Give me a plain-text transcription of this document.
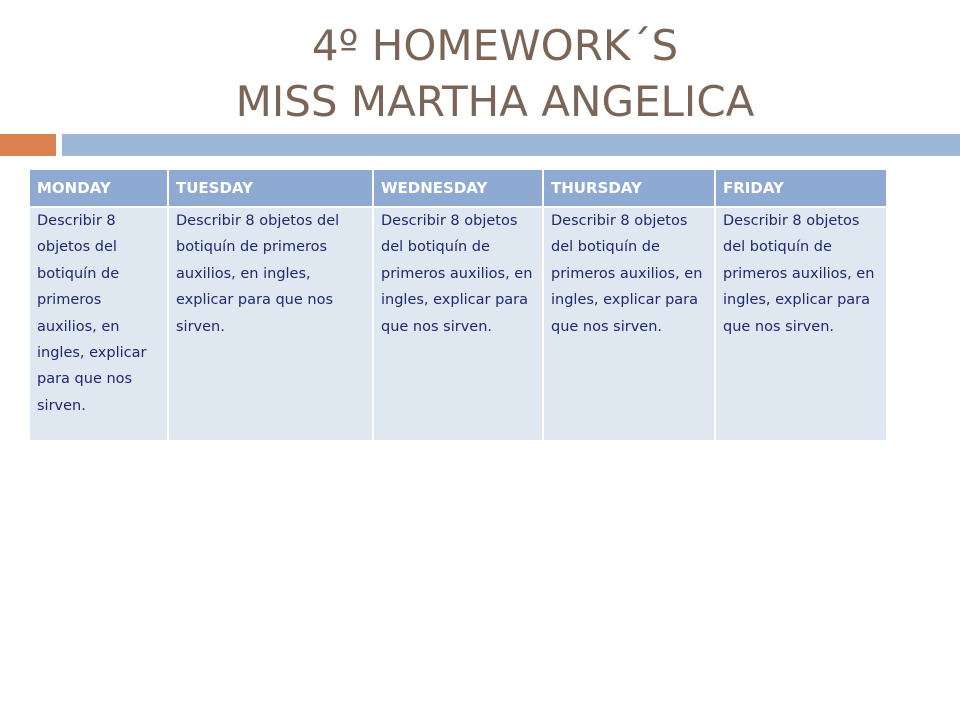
4º HOMEWORK´S
MISS MARTHA ANGELICA
MONDAY	TUESDAY	WEDNESDAY	THURSDAY	FRIDAY
Describir 8 objetos del botiquín de primeros auxilios, en ingles, explicar para que nos sirven.	Describir 8 objetos del botiquín de primeros auxilios, en ingles, explicar para que nos sirven.	Describir 8 objetos del botiquín de primeros auxilios, en ingles, explicar para que nos sirven.	Describir 8 objetos del botiquín de primeros auxilios, en ingles, explicar para que nos sirven.	Describir 8 objetos del botiquín de primeros auxilios, en ingles, explicar para que nos sirven.
